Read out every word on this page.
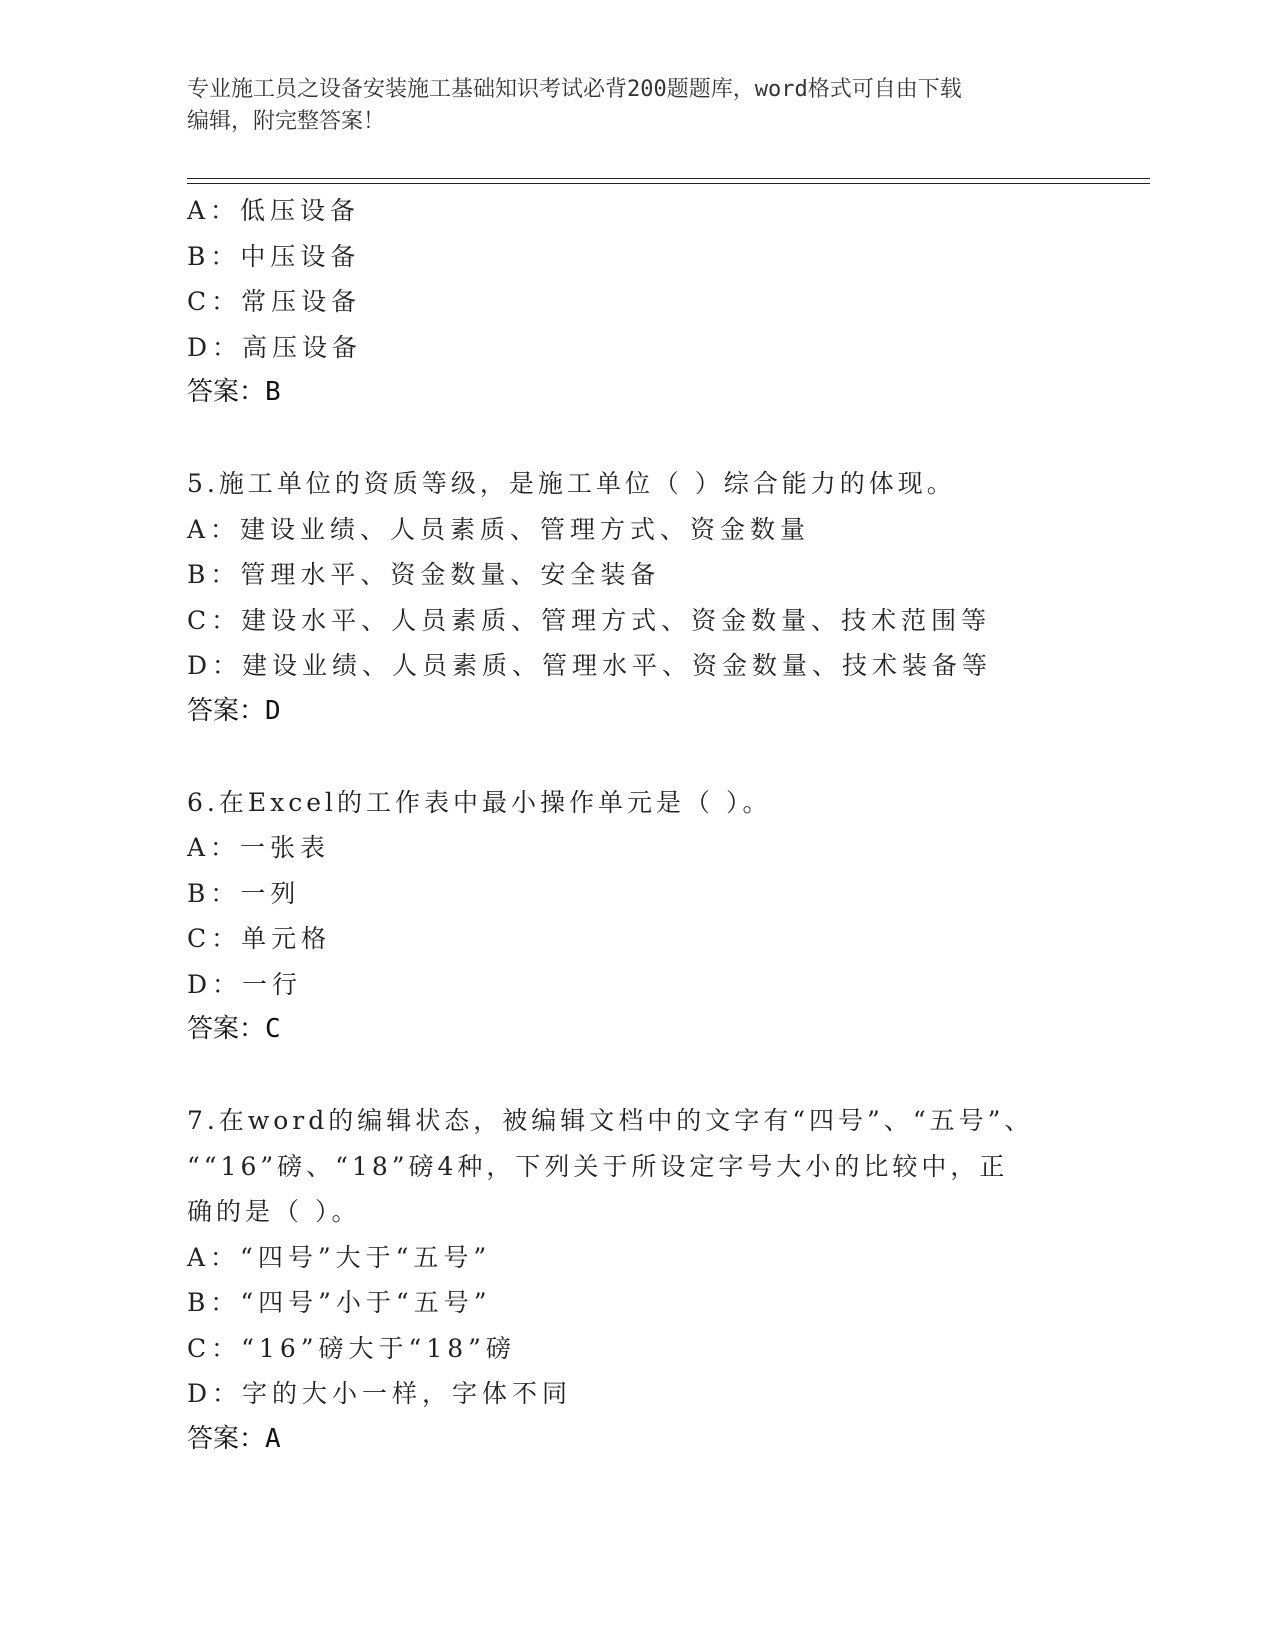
专业施工员之设备安装施工基础知识考试必背200题题库，word格式可自由下载
编辑，附完整答案！
A：低压设备
B：中压设备
C：常压设备
D：高压设备
答案：B
5.施工单位的资质等级，是施工单位（ ）综合能力的体现。
A：建设业绩、人员素质、管理方式、资金数量
B：管理水平、资金数量、安全装备
C：建设水平、人员素质、管理方式、资金数量、技术范围等
D：建设业绩、人员素质、管理水平、资金数量、技术装备等
答案：D
6.在Excel的工作表中最小操作单元是（ ）。
A：一张表
B：一列
C：单元格
D：一行
答案：C
7.在word的编辑状态，被编辑文档中的文字有“四号”、“五号”、
““16”磅、“18”磅4种，下列关于所设定字号大小的比较中，正
确的是（ ）。
A：“四号”大于“五号”
B：“四号”小于“五号”
C：“16”磅大于“18”磅
D：字的大小一样，字体不同
答案：A
